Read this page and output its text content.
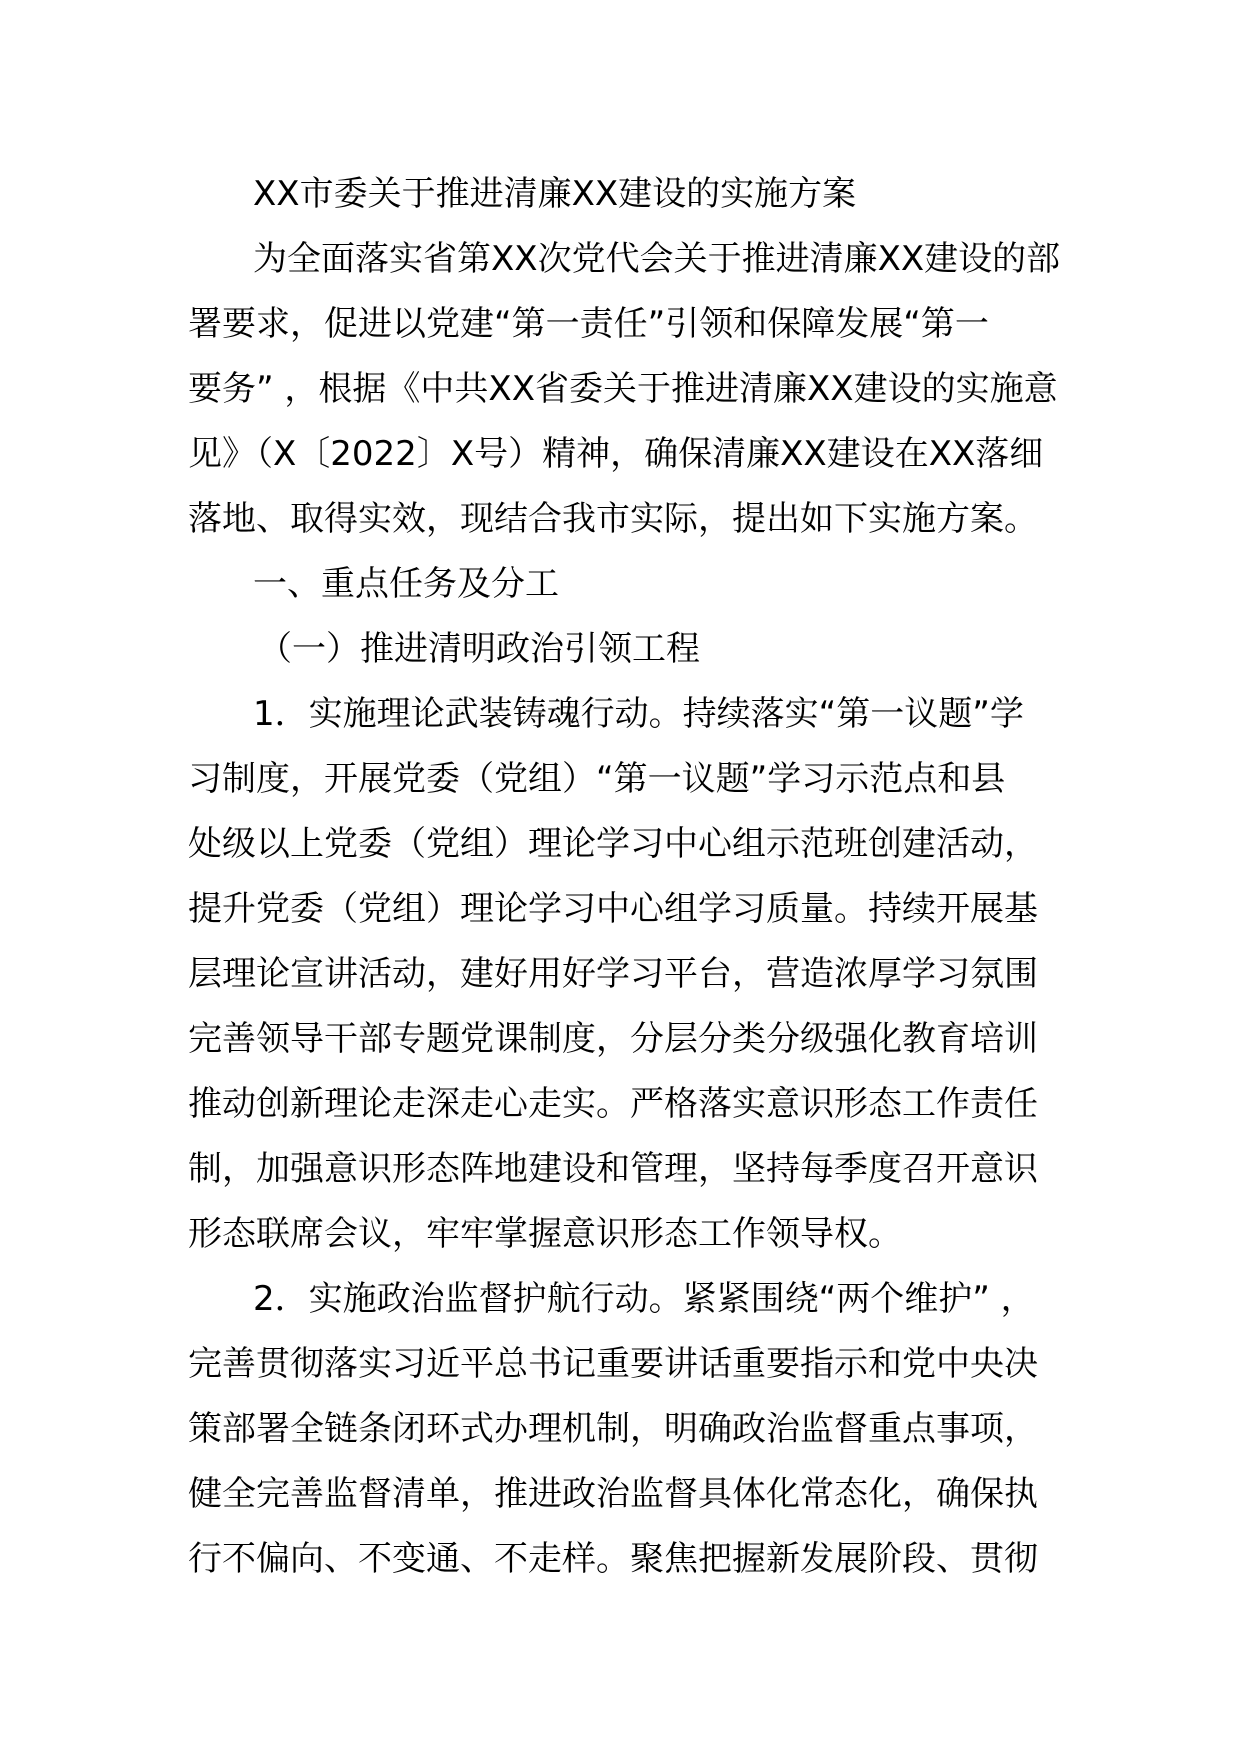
XX市委关于推进清廉XX建设的实施方案
为全面落实省第XX次党代会关于推进清廉XX建设的部
署要求，促进以党建“第一责任”引领和保障发展“第一
要务” ，根据《中共XX省委关于推进清廉XX建设的实施意
见》（X〔2022〕X号）精神，确保清廉XX建设在XX落细
落地、取得实效，现结合我市实际，提出如下实施方案。
一、重点任务及分工
（一）推进清明政治引领工程
1．实施理论武装铸魂行动。持续落实“第一议题”学
习制度，开展党委（党组）“第一议题”学习示范点和县
处级以上党委（党组）理论学习中心组示范班创建活动，
提升党委（党组）理论学习中心组学习质量。持续开展基
层理论宣讲活动，建好用好学习平台，营造浓厚学习氛围
完善领导干部专题党课制度，分层分类分级强化教育培训
推动创新理论走深走心走实。严格落实意识形态工作责任
制，加强意识形态阵地建设和管理，坚持每季度召开意识
形态联席会议，牢牢掌握意识形态工作领导权。
2．实施政治监督护航行动。紧紧围绕“两个维护” ，
完善贯彻落实习近平总书记重要讲话重要指示和党中央决
策部署全链条闭环式办理机制，明确政治监督重点事项，
健全完善监督清单，推进政治监督具体化常态化，确保执
行不偏向、不变通、不走样。聚焦把握新发展阶段、贯彻
